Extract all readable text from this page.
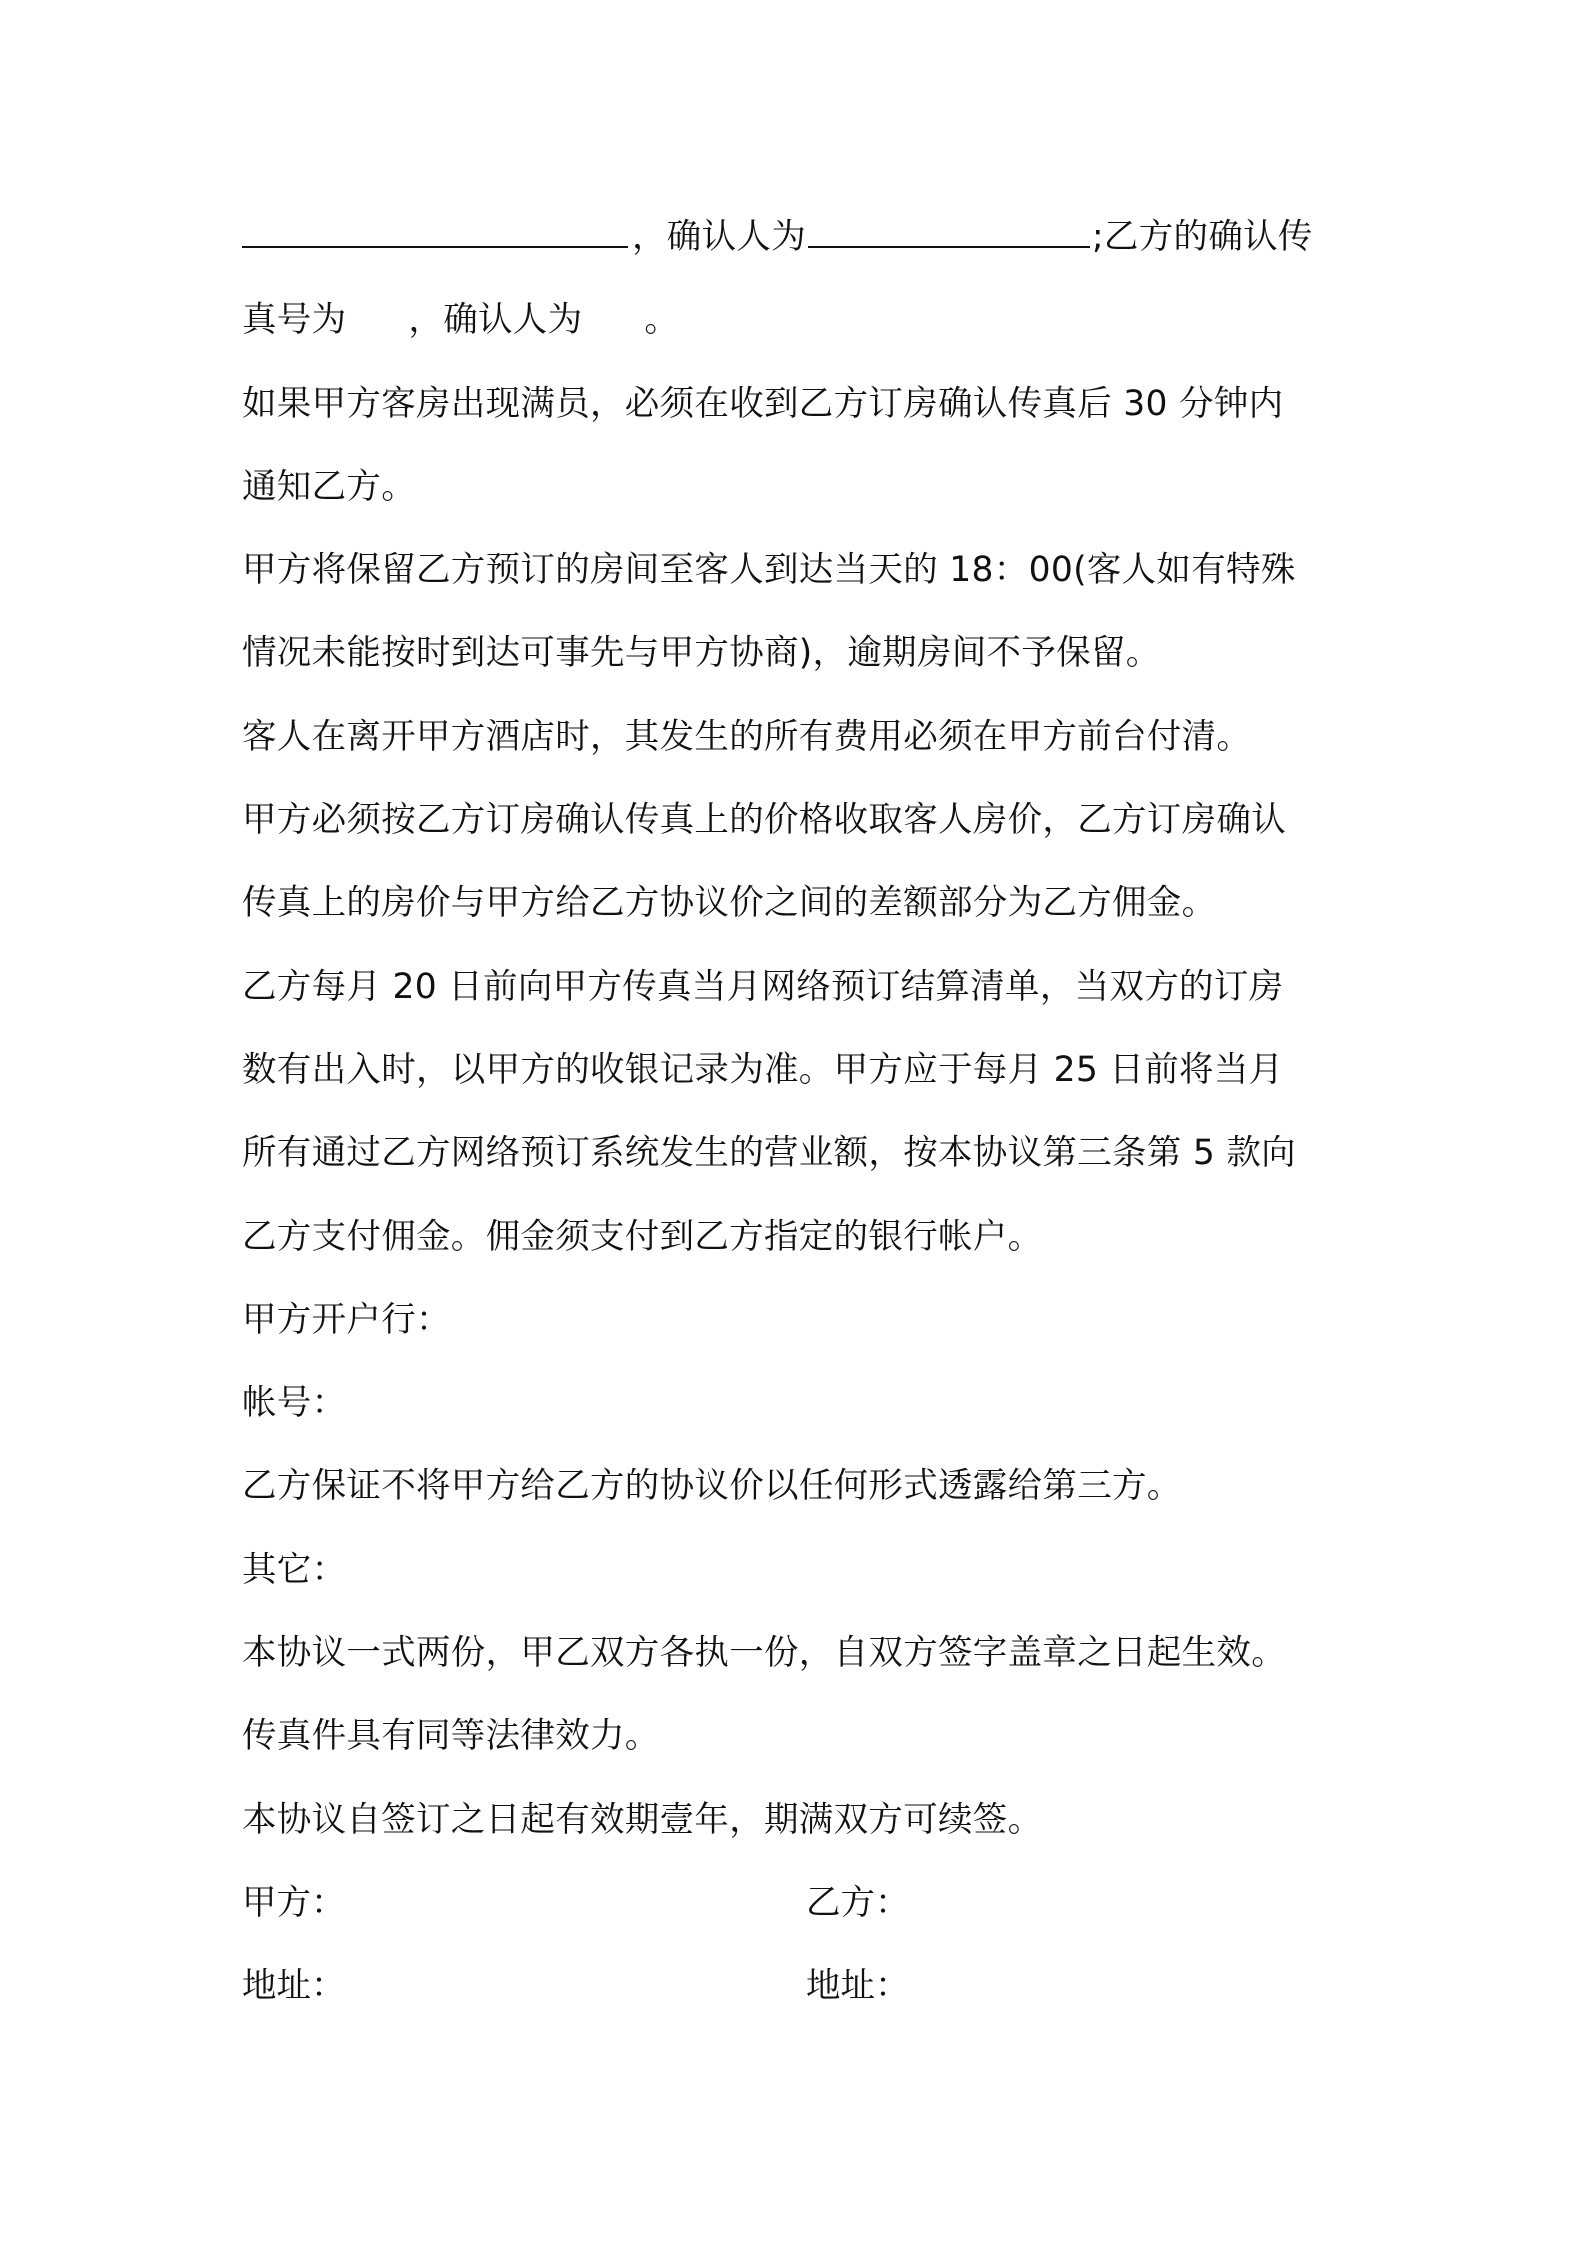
，确认人为	;乙方的确认传
真号为 ，确认人为 。
如果甲方客房出现满员，必须在收到乙方订房确认传真后 30 分钟内
通知乙方。
甲方将保留乙方预订的房间至客人到达当天的 18：00(客人如有特殊
情况未能按时到达可事先与甲方协商)，逾期房间不予保留。
客人在离开甲方酒店时，其发生的所有费用必须在甲方前台付清。
甲方必须按乙方订房确认传真上的价格收取客人房价，乙方订房确认
传真上的房价与甲方给乙方协议价之间的差额部分为乙方佣金。
乙方每月 20 日前向甲方传真当月网络预订结算清单，当双方的订房
数有出入时，以甲方的收银记录为准。甲方应于每月 25 日前将当月
所有通过乙方网络预订系统发生的营业额，按本协议第三条第 5 款向
乙方支付佣金。佣金须支付到乙方指定的银行帐户。
甲方开户行：
帐号：
乙方保证不将甲方给乙方的协议价以任何形式透露给第三方。
其它：
本协议一式两份，甲乙双方各执一份，自双方签字盖章之日起生效。
传真件具有同等法律效力。
本协议自签订之日起有效期壹年，期满双方可续签。
甲方：	乙方：
地址：	地址：
